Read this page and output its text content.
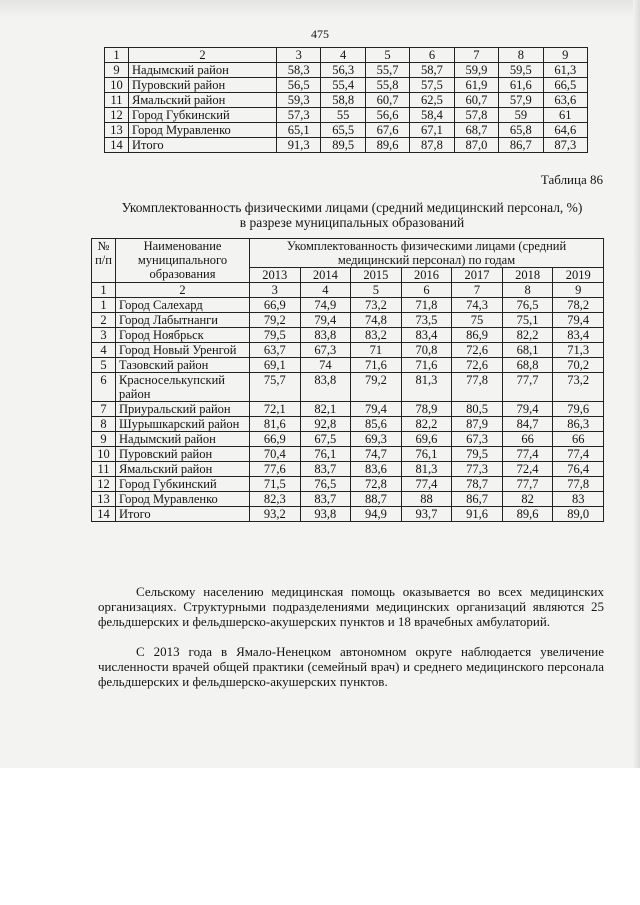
475
1	2	3	4	5	6	7	8	9
9	Надымский район	58,3	56,3	55,7	58,7	59,9	59,5	61,3
10	Пуровский район	56,5	55,4	55,8	57,5	61,9	61,6	66,5
11	Ямальский район	59,3	58,8	60,7	62,5	60,7	57,9	63,6
12	Город Губкинский	57,3	55	56,6	58,4	57,8	59	61
13	Город Муравленко	65,1	65,5	67,6	67,1	68,7	65,8	64,6
14	Итого	91,3	89,5	89,6	87,8	87,0	86,7	87,3
Таблица 86
Укомплектованность физическими лицами (средний медицинский персонал, %)
в разрезе муниципальных образований
№ п/п	Наименование муниципального образования	Укомплектованность физическими лицами (средний медицинский персонал) по годам						
		2013	2014	2015	2016	2017	2018	2019
1	2	3	4	5	6	7	8	9
1	Город Салехард	66,9	74,9	73,2	71,8	74,3	76,5	78,2
2	Город Лабытнанги	79,2	79,4	74,8	73,5	75	75,1	79,4
3	Город Ноябрьск	79,5	83,8	83,2	83,4	86,9	82,2	83,4
4	Город Новый Уренгой	63,7	67,3	71	70,8	72,6	68,1	71,3
5	Тазовский район	69,1	74	71,6	71,6	72,6	68,8	70,2
6	Красноселькупский район	75,7	83,8	79,2	81,3	77,8	77,7	73,2
7	Приуральский район	72,1	82,1	79,4	78,9	80,5	79,4	79,6
8	Шурышкарский район	81,6	92,8	85,6	82,2	87,9	84,7	86,3
9	Надымский район	66,9	67,5	69,3	69,6	67,3	66	66
10	Пуровский район	70,4	76,1	74,7	76,1	79,5	77,4	77,4
11	Ямальский район	77,6	83,7	83,6	81,3	77,3	72,4	76,4
12	Город Губкинский	71,5	76,5	72,8	77,4	78,7	77,7	77,8
13	Город Муравленко	82,3	83,7	88,7	88	86,7	82	83
14	Итого	93,2	93,8	94,9	93,7	91,6	89,6	89,0

Сельскому населению медицинская помощь оказывается во всех медицинских организациях. Структурными подразделениями медицинских организаций являются 25 фельдшерских и фельдшерско-акушерских пунктов и 18 врачебных амбулаторий.

С 2013 года в Ямало-Ненецком автономном округе наблюдается увеличение численности врачей общей практики (семейный врач) и среднего медицинского персонала фельдшерских и фельдшерско-акушерских пунктов.
